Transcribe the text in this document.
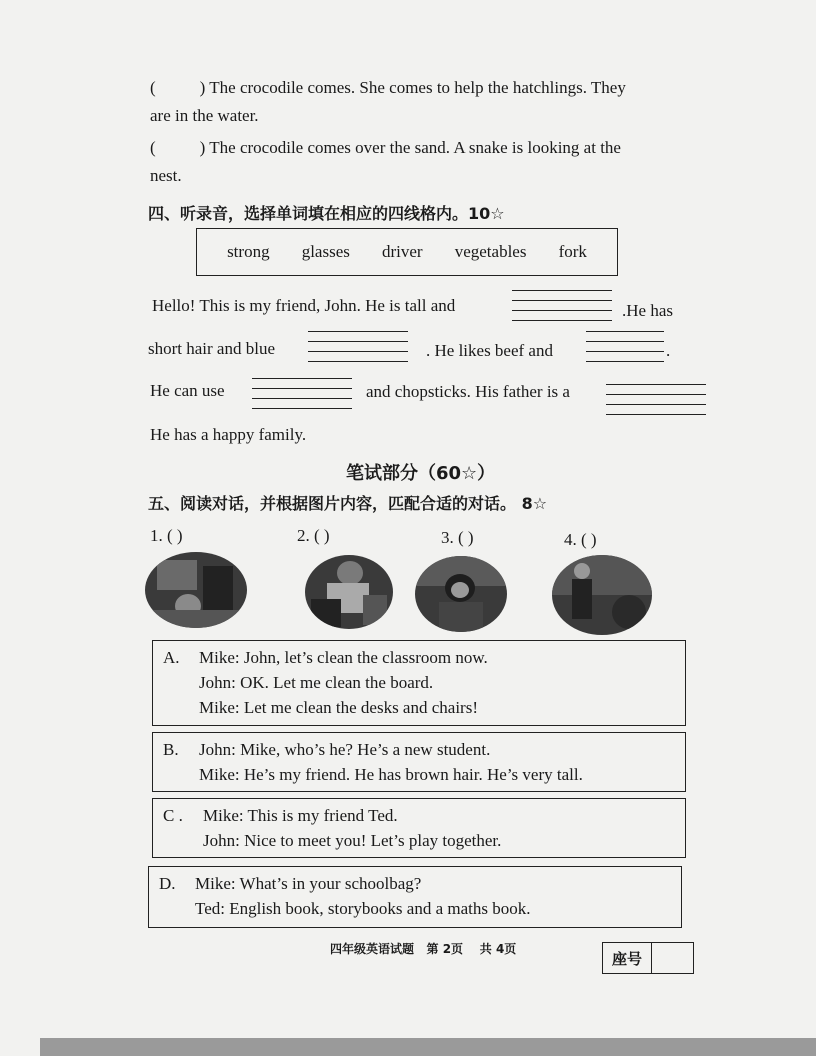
(	) The crocodile comes. She comes to help the hatchlings. They
are in the water.
(	) The crocodile comes over the sand. A snake is looking at the
nest.
四、听录音，选择单词填在相应的四线格内。10☆
strong glasses driver vegetables fork
Hello! This is my friend, John. He is tall and	.He has
short hair and blue	. He likes beef and	.
He can use	and chopsticks. His father is a
He has a happy family.
笔试部分（60☆）
五、阅读对话，并根据图片内容，匹配合适的对话。 8☆
1. ( )	2. ( )	3. ( )	4. ( )
A.	Mike: John, let’s clean the classroom now.
John: OK. Let me clean the board.
Mike: Let me clean the desks and chairs!
B.	John: Mike, who’s he? He’s a new student.
Mike: He’s my friend. He has brown hair. He’s very tall.
C .	Mike: This is my friend Ted.
John: Nice to meet you! Let’s play together.
D.	Mike: What’s in your schoolbag?
Ted: English book, storybooks and a maths book.
四年级英语试题   第 2页    共 4页
座号
